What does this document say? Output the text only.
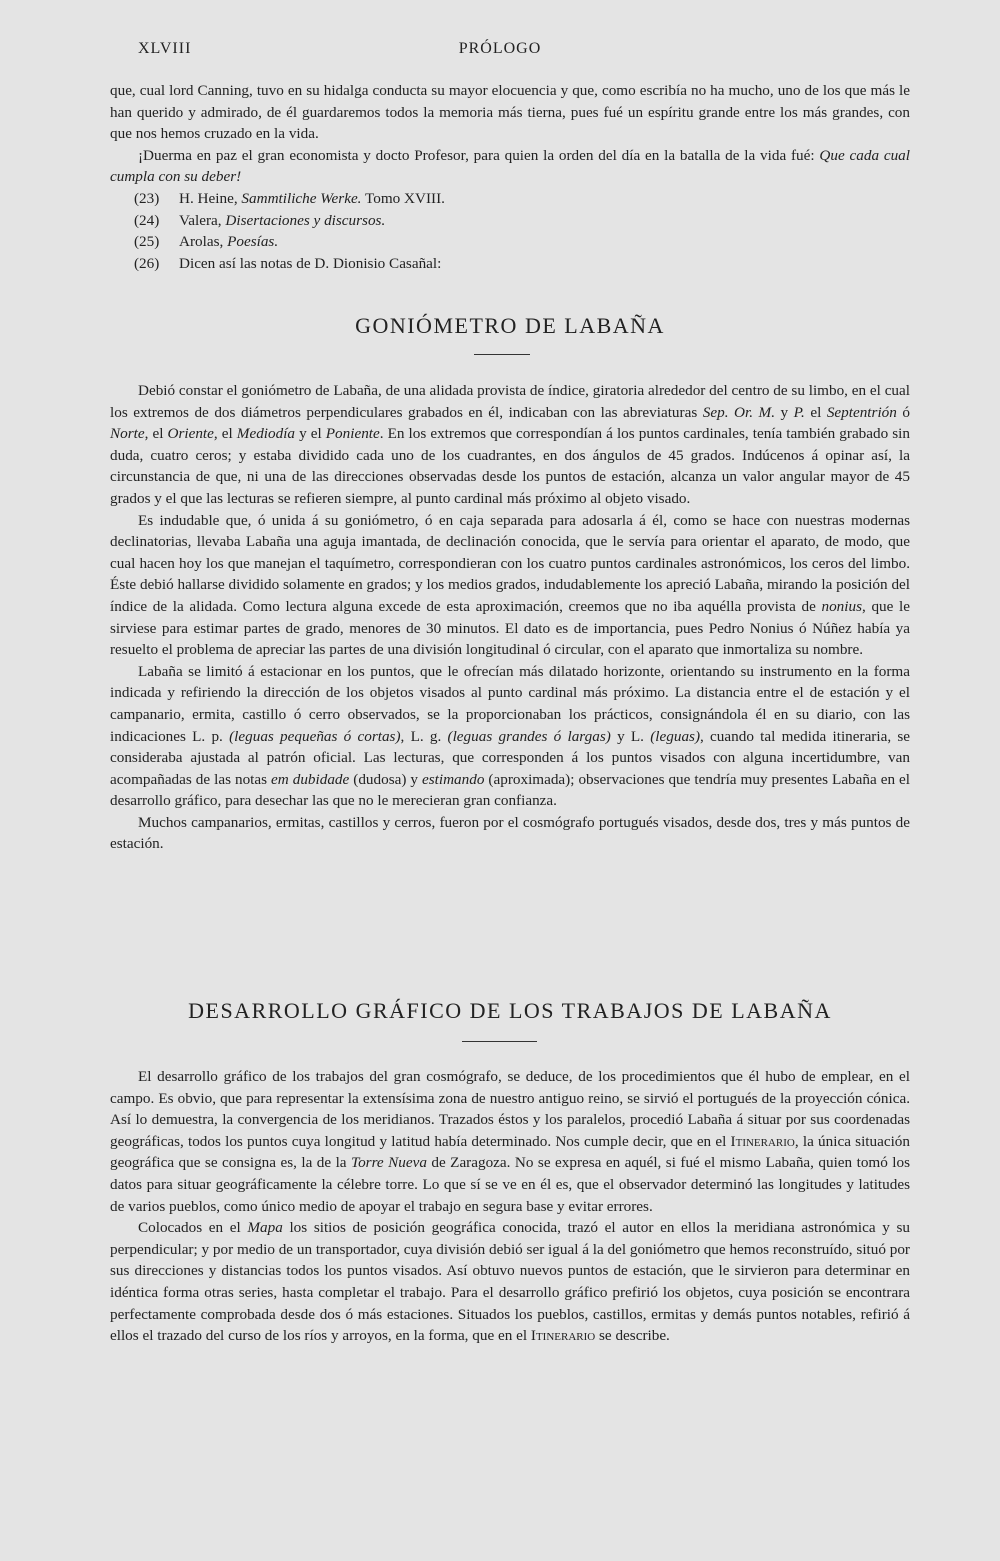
XLVIII	PRÓLOGO

que, cual lord Canning, tuvo en su hidalga conducta su mayor elocuencia y que, como escribía no ha mucho, uno de los que más le han querido y admirado, de él guardaremos todos la memoria más tierna, pues fué un espíritu grande entre los más grandes, con que nos hemos cruzado en la vida.

¡Duerma en paz el gran economista y docto Profesor, para quien la orden del día en la batalla de la vida fué: Que cada cual cumpla con su deber!

(23)	H. Heine, Sammtiliche Werke. Tomo XVIII.
(24)	Valera, Disertaciones y discursos.
(25)	Arolas, Poesías.
(26)	Dicen así las notas de D. Dionisio Casañal:
GONIÓMETRO DE LABAÑA

Debió constar el goniómetro de Labaña, de una alidada provista de índice, giratoria alrededor del centro de su limbo, en el cual los extremos de dos diámetros perpendiculares grabados en él, indicaban con las abreviaturas Sep. Or. M. y P. el Septentrión ó Norte, el Oriente, el Mediodía y el Poniente. En los extremos que correspondían á los puntos cardinales, tenía también grabado sin duda, cuatro ceros; y estaba dividido cada uno de los cuadrantes, en dos ángulos de 45 grados. Indúcenos á opinar así, la circunstancia de que, ni una de las direcciones observadas desde los puntos de estación, alcanza un valor angular mayor de 45 grados y el que las lecturas se refieren siempre, al punto cardinal más próximo al objeto visado.

Es indudable que, ó unida á su goniómetro, ó en caja separada para adosarla á él, como se hace con nuestras modernas declinatorias, llevaba Labaña una aguja imantada, de declinación conocida, que le servía para orientar el aparato, de modo, que cual hacen hoy los que manejan el taquímetro, correspondieran con los cuatro puntos cardinales astronómicos, los ceros del limbo. Éste debió hallarse dividido solamente en grados; y los medios grados, indudablemente los apreció Labaña, mirando la posición del índice de la alidada. Como lectura alguna excede de esta aproximación, creemos que no iba aquélla provista de nonius, que le sirviese para estimar partes de grado, menores de 30 minutos. El dato es de importancia, pues Pedro Nonius ó Núñez había ya resuelto el problema de apreciar las partes de una división longitudinal ó circular, con el aparato que inmortaliza su nombre.

Labaña se limitó á estacionar en los puntos, que le ofrecían más dilatado horizonte, orientando su instrumento en la forma indicada y refiriendo la dirección de los objetos visados al punto cardinal más próximo. La distancia entre el de estación y el campanario, ermita, castillo ó cerro observados, se la proporcionaban los prácticos, consignándola él en su diario, con las indicaciones L. p. (leguas pequeñas ó cortas), L. g. (leguas grandes ó largas) y L. (leguas), cuando tal medida itineraria, se consideraba ajustada al patrón oficial. Las lecturas, que corresponden á los puntos visados con alguna incertidumbre, van acompañadas de las notas em dubidade (dudosa) y estimando (aproximada); observaciones que tendría muy presentes Labaña en el desarrollo gráfico, para desechar las que no le merecieran gran confianza.

Muchos campanarios, ermitas, castillos y cerros, fueron por el cosmógrafo portugués visados, desde dos, tres y más puntos de estación.

DESARROLLO GRÁFICO DE LOS TRABAJOS DE LABAÑA

El desarrollo gráfico de los trabajos del gran cosmógrafo, se deduce, de los procedimientos que él hubo de emplear, en el campo. Es obvio, que para representar la extensísima zona de nuestro antiguo reino, se sirvió el portugués de la proyección cónica. Así lo demuestra, la convergencia de los meridianos. Trazados éstos y los paralelos, procedió Labaña á situar por sus coordenadas geográficas, todos los puntos cuya longitud y latitud había determinado. Nos cumple decir, que en el Itinerario, la única situación geográfica que se consigna es, la de la Torre Nueva de Zaragoza. No se expresa en aquél, si fué el mismo Labaña, quien tomó los datos para situar geográficamente la célebre torre. Lo que sí se ve en él es, que el observador determinó las longitudes y latitudes de varios pueblos, como único medio de apoyar el trabajo en segura base y evitar errores.

Colocados en el Mapa los sitios de posición geográfica conocida, trazó el autor en ellos la meridiana astronómica y su perpendicular; y por medio de un transportador, cuya división debió ser igual á la del goniómetro que hemos reconstruído, situó por sus direcciones y distancias todos los puntos visados. Así obtuvo nuevos puntos de estación, que le sirvieron para determinar en idéntica forma otras series, hasta completar el trabajo. Para el desarrollo gráfico prefirió los objetos, cuya posición se encontrara perfectamente comprobada desde dos ó más estaciones. Situados los pueblos, castillos, ermitas y demás puntos notables, refirió á ellos el trazado del curso de los ríos y arroyos, en la forma, que en el Itinerario se describe.
